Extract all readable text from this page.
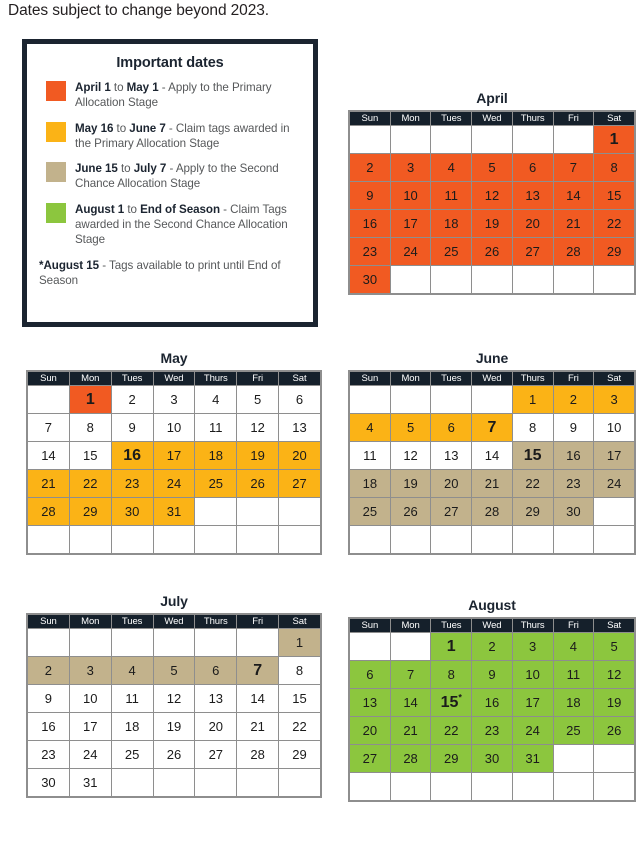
Dates subject to change beyond 2023.
Important dates
April 1 to May 1 - Apply to the Primary Allocation Stage
May 16 to June 7 - Claim tags awarded in the Primary Allocation Stage
June 15 to July 7 - Apply to the Second Chance Allocation Stage
August 1 to End of Season - Claim Tags awarded in the Second Chance Allocation Stage
*August 15 - Tags available to print until End of Season
April
Sun	Mon	Tues	Wed	Thurs	Fri	Sat
						1
2	3	4	5	6	7	8
9	10	11	12	13	14	15
16	17	18	19	20	21	22
23	24	25	26	27	28	29
30						
May
Sun	Mon	Tues	Wed	Thurs	Fri	Sat
	1	2	3	4	5	6
7	8	9	10	11	12	13
14	15	16	17	18	19	20
21	22	23	24	25	26	27
28	29	30	31			

June
Sun	Mon	Tues	Wed	Thurs	Fri	Sat
				1	2	3
4	5	6	7	8	9	10
11	12	13	14	15	16	17
18	19	20	21	22	23	24
25	26	27	28	29	30	

July
Sun	Mon	Tues	Wed	Thurs	Fri	Sat
						1
2	3	4	5	6	7	8
9	10	11	12	13	14	15
16	17	18	19	20	21	22
23	24	25	26	27	28	29
30	31					
August
Sun	Mon	Tues	Wed	Thurs	Fri	Sat
		1	2	3	4	5
6	7	8	9	10	11	12
13	14	15*	16	17	18	19
20	21	22	23	24	25	26
27	28	29	30	31		
